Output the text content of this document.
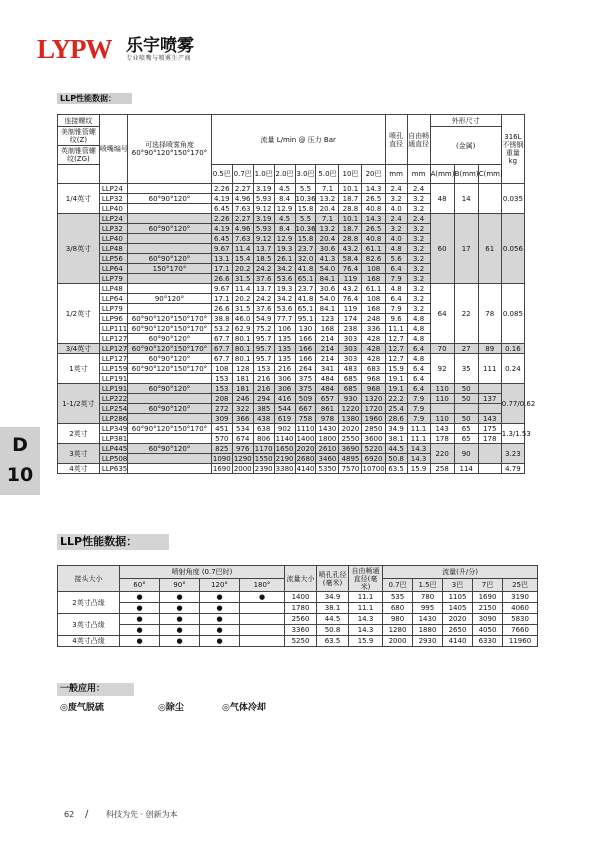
LYPW 乐宇喷雾
专业喷嘴与喷雾生产商
LLP性能数据：
连接螺纹	喷嘴编号	可选择喷雾角度
60°90°120°150°170°	流量 L/min @ 压力 Bar								喷孔直径	自由畅通直径	外形尺寸			316L不锈钢重量kg
美制锥管螺纹(Z)													(金属)			
英制锥管螺纹(ZG)																
			0.5巴	0.7巴	1.0巴	2.0巴	3.0巴	5.0巴	10巴	20巴	mm	mm	A(mm)	B(mm)	C(mm)	
1/4英寸	LLP24		2.26	2.27	3.19	4.5	5.5	7.1	10.1	14.3	2.4	2.4	48	14		0.035
	LLP32	60°90°120°	4.19	4.96	5.93	8.4	10.36	13.2	18.7	26.5	3.2	3.2				
	LLP40		6.45	7.63	9.12	12.9	15.8	20.4	28.8	40.8	4.0	3.2				
3/8英寸	LLP24		2.26	2.27	3.19	4.5	5.5	7.1	10.1	14.3	2.4	2.4	60	17	61	0.056
	LLP32	60°90°120°	4.19	4.96	5.93	8.4	10.36	13.2	18.7	26.5	3.2	3.2				
	LLP40		6.45	7.63	9.12	12.9	15.8	20.4	28.8	40.8	4.0	3.2				
	LLP48		9.67	11.4	13.7	19.3	23.7	30.6	43.2	61.1	4.8	3.2				
	LLP56	60°90°120°	13.1	15.4	18.5	26.1	32.0	41.3	58.4	82.6	5.6	3.2				
	LLP64	150°170°	17.1	20.2	24.2	34.2	41.8	54.0	76.4	108	6.4	3.2				
	LLP79		26.6	31.5	37.6	53.6	65.1	84.1	119	168	7.9	3.2				
1/2英寸	LLP48		9.67	11.4	13.7	19.3	23.7	30.6	43.2	61.1	4.8	3.2	64	22	78	0.085
	LLP64	90°120°	17.1	20.2	24.2	34.2	41.8	54.0	76.4	108	6.4	3.2				
	LLP79		26.6	31.5	37.6	53.6	65.1	84.1	119	168	7.9	3.2				
	LLP96	60°90°120°150°170°	38.8	46.0	54.9	77.7	95.1	123	174	248	9.6	4.8				
	LLP111	60°90°120°150°170°	53.2	62.9	75.2	106	130	168	238	336	11.1	4.8				
	LLP127	60°90°120°	67.7	80.1	95.7	135	166	214	303	428	12.7	4.8				
3/4英寸	LLP127	60°90°120°150°170°	67.7	80.1	95.7	135	166	214	303	428	12.7	6.4	70	27	89	0.16
1英寸	LLP127	60°90°120°	67.7	80.1	95.7	135	166	214	303	428	12.7	4.8	92	35	111	0.24
	LLP159	60°90°120°150°170°	108	128	153	216	264	341	483	683	15.9	6.4				
	LLP191		153	181	216	306	375	484	685	968	19.1	6.4				
1-1/2英寸	LLP191	60°90°120°	153	181	216	306	375	484	685	968	19.1	6.4	110	50		0.77/0.62
	LLP222		208	246	294	416	509	657	930	1320	22.2	7.9	110	50	137	
	LLP254	60°90°120°	272	322	385	544	667	861	1220	1720	25.4	7.9				
	LLP286		309	366	438	619	758	978	1380	1960	28.6	7.9	110	50	143	
2英寸	LLP349	60°90°120°150°170°	451	534	638	902	1110	1430	2020	2850	34.9	11.1	143	65	175	1.3/1.53
	LLP381		570	674	806	1140	1400	1800	2550	3600	38.1	11.1	178	65	178	
3英寸	LLP445	60°90°120°	825	976	1170	1650	2020	2610	3690	5220	44.5	14.3	220	90		3.23
	LLP508		1090	1290	1550	2190	2680	3460	4895	6920	50.8	14.3				
4英寸	LLP635		1690	2000	2390	3380	4140	5350	7570	10700	63.5	15.9	258	114		4.79
D
10
LLP性能数据：
接头大小	喷射角度 (0.7巴时)				流量大小	喷孔孔径(毫米)	自由畅通直径(毫米)	流量(升/分)				
	60°	90°	120°	180°				0.7巴	1.5巴	3巴	7巴	25巴
2英寸凸缘	●	●	●	●	1400	34.9	11.1	535	780	1105	1690	3190
	●	●	●		1780	38.1	11.1	680	995	1405	2150	4060
3英寸凸缘	●	●	●		2560	44.5	14.3	980	1430	2020	3090	5830
	●	●	●		3360	50.8	14.3	1280	1880	2650	4050	7660
4英寸凸缘	●	●	●		5250	63.5	15.9	2000	2930	4140	6330	11960
一般应用：
◎废气脱硫	◎除尘	◎气体冷却
62 / 科技为先 · 创新为本
